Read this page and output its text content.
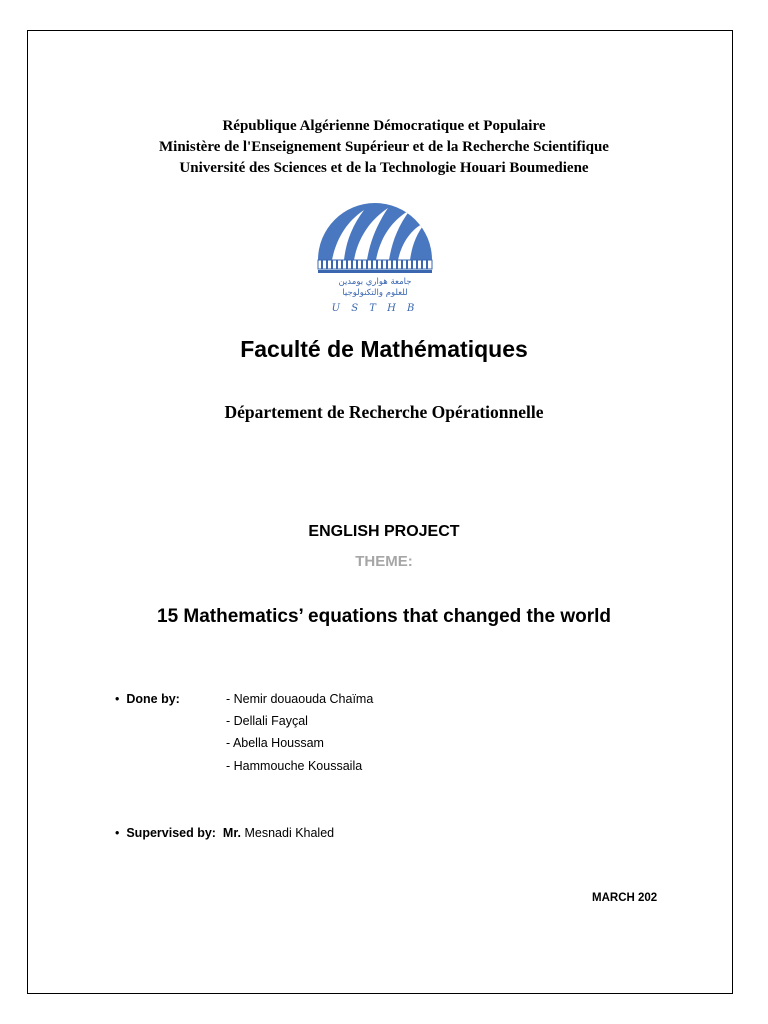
République Algérienne Démocratique et Populaire
Ministère de l'Enseignement Supérieur et de la Recherche Scientifique
Université des Sciences et de la Technologie Houari Boumediene
جامعة هواري بومدين
للعلوم والتكنولوجيا
U S T H B
Faculté de Mathématiques
Département de Recherche Opérationnelle
ENGLISH PROJECT
THEME:
15 Mathematics’ equations that changed the world
• Done by:	- Nemir douaouda Chaïma
- Dellali Fayçal
- Abella Houssam
- Hammouche Koussaila
• Supervised by: Mr. Mesnadi Khaled
MARCH 202
